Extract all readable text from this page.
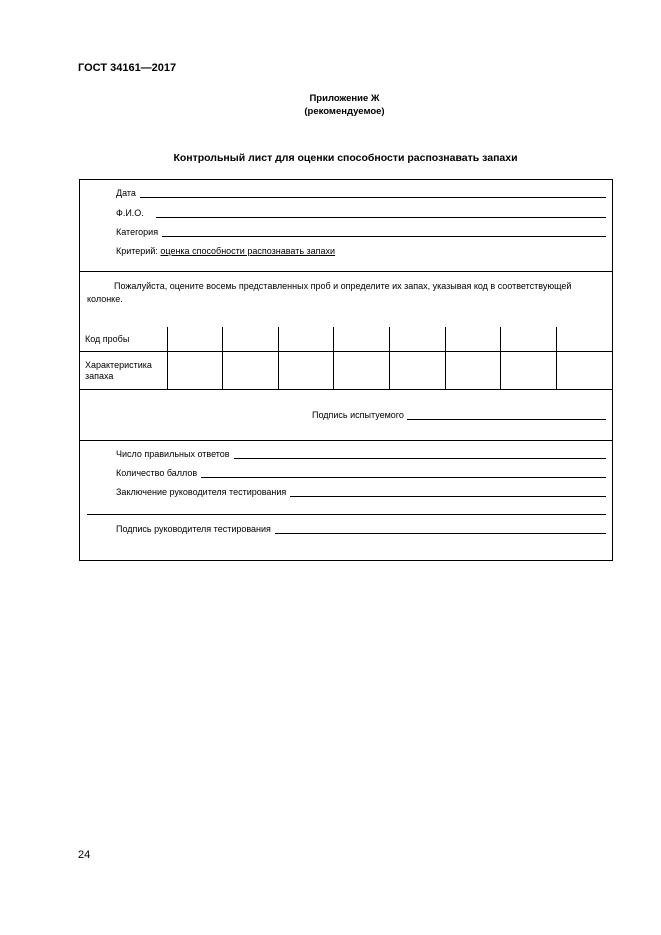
ГОСТ 34161—2017
Приложение Ж
(рекомендуемое)
Контрольный лист для оценки способности распознавать запахи
Дата
Ф.И.О.
Категория
Критерий:
оценка способности распознавать запахи
Пожалуйста, оцените восемь представленных проб и определите их запах, указывая код в соответствующей колонке.
Код пробы								
Характеристика запаха								
Подпись испытуемого
Число правильных ответов
Количество баллов
Заключение руководителя тестирования
Подпись руководителя тестирования
24
